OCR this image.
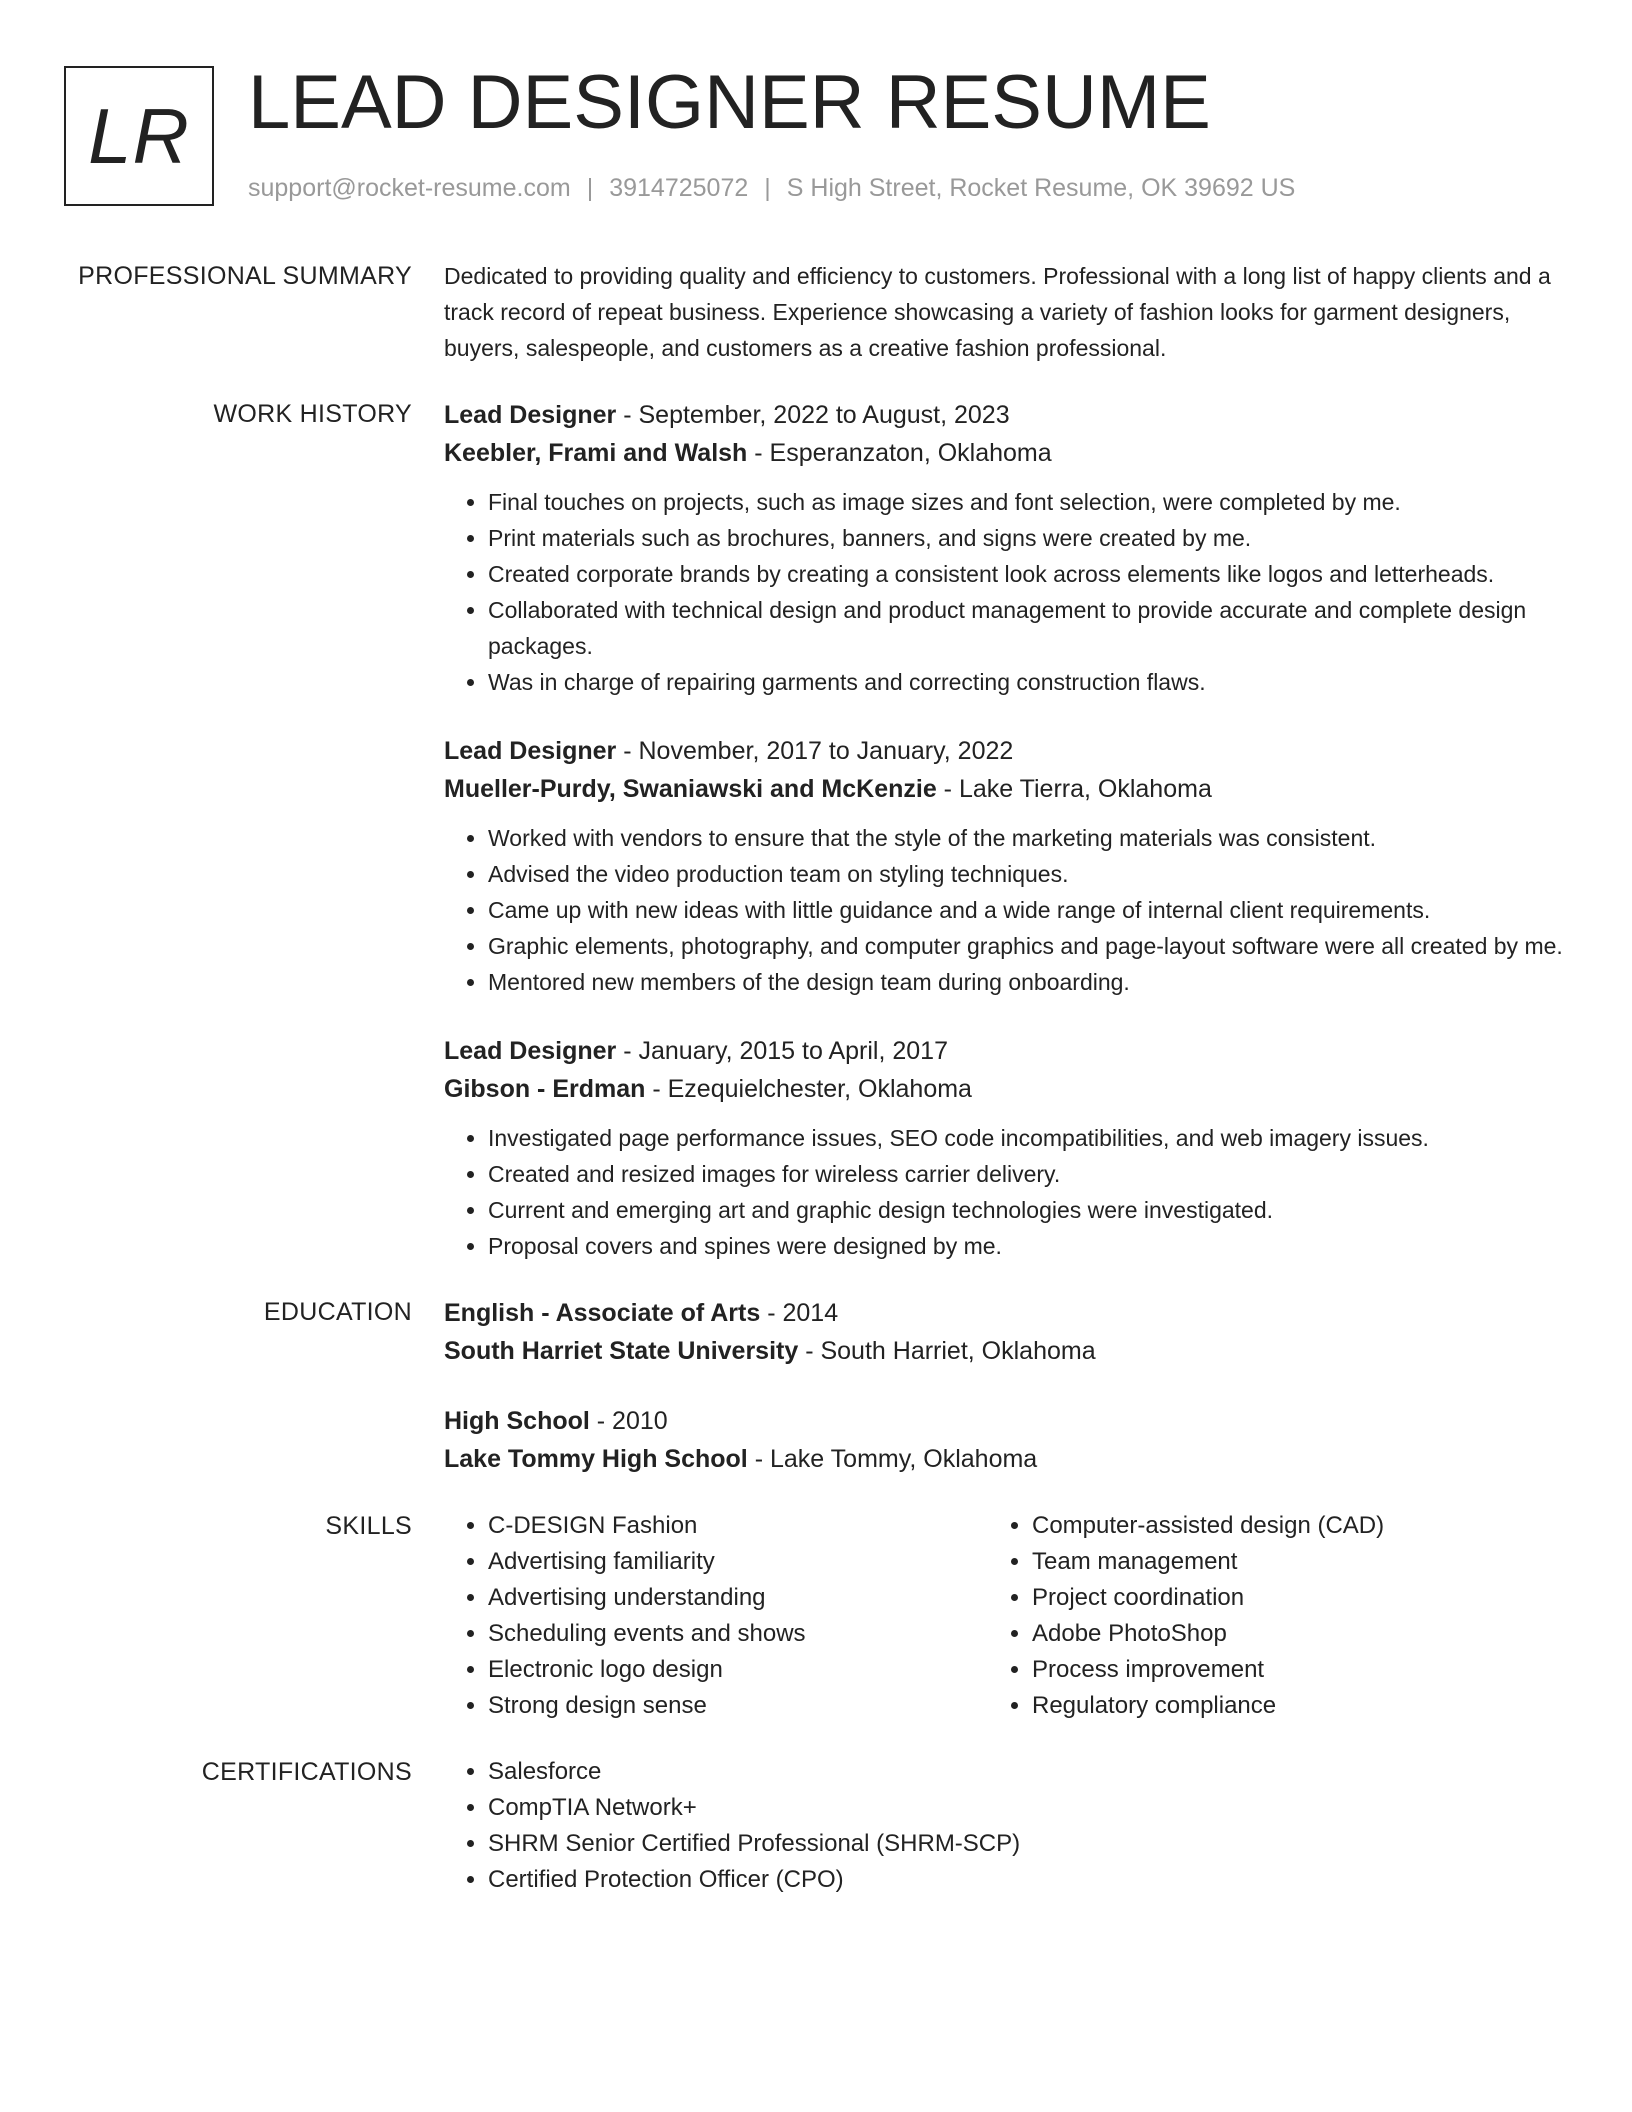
LR LEAD DESIGNER RESUME
support@rocket-resume.com | 3914725072 | S High Street, Rocket Resume, OK 39692 US
PROFESSIONAL SUMMARY Dedicated to providing quality and efficiency to customers. Professional with a long list of happy clients and a track record of repeat business. Experience showcasing a variety of fashion looks for garment designers, buyers, salespeople, and customers as a creative fashion professional.
WORK HISTORY Lead Designer - September, 2022 to August, 2023
Keebler, Frami and Walsh - Esperanzaton, Oklahoma
• Final touches on projects, such as image sizes and font selection, were completed by me.
• Print materials such as brochures, banners, and signs were created by me.
• Created corporate brands by creating a consistent look across elements like logos and letterheads.
• Collaborated with technical design and product management to provide accurate and complete design packages.
• Was in charge of repairing garments and correcting construction flaws.
Lead Designer - November, 2017 to January, 2022
Mueller-Purdy, Swaniawski and McKenzie - Lake Tierra, Oklahoma
• Worked with vendors to ensure that the style of the marketing materials was consistent.
• Advised the video production team on styling techniques.
• Came up with new ideas with little guidance and a wide range of internal client requirements.
• Graphic elements, photography, and computer graphics and page-layout software were all created by me.
• Mentored new members of the design team during onboarding.
Lead Designer - January, 2015 to April, 2017
Gibson - Erdman - Ezequielchester, Oklahoma
• Investigated page performance issues, SEO code incompatibilities, and web imagery issues.
• Created and resized images for wireless carrier delivery.
• Current and emerging art and graphic design technologies were investigated.
• Proposal covers and spines were designed by me.
EDUCATION English - Associate of Arts - 2014
South Harriet State University - South Harriet, Oklahoma
High School - 2010
Lake Tommy High School - Lake Tommy, Oklahoma
SKILLS	• C-DESIGN Fashion
• Advertising familiarity
• Advertising understanding
• Scheduling events and shows
• Electronic logo design
• Strong design sense
• Computer-assisted design (CAD)
• Team management
• Project coordination
• Adobe PhotoShop
• Process improvement
• Regulatory compliance
CERTIFICATIONS	• Salesforce
• CompTIA Network+
• SHRM Senior Certified Professional (SHRM-SCP)
• Certified Protection Officer (CPO)
